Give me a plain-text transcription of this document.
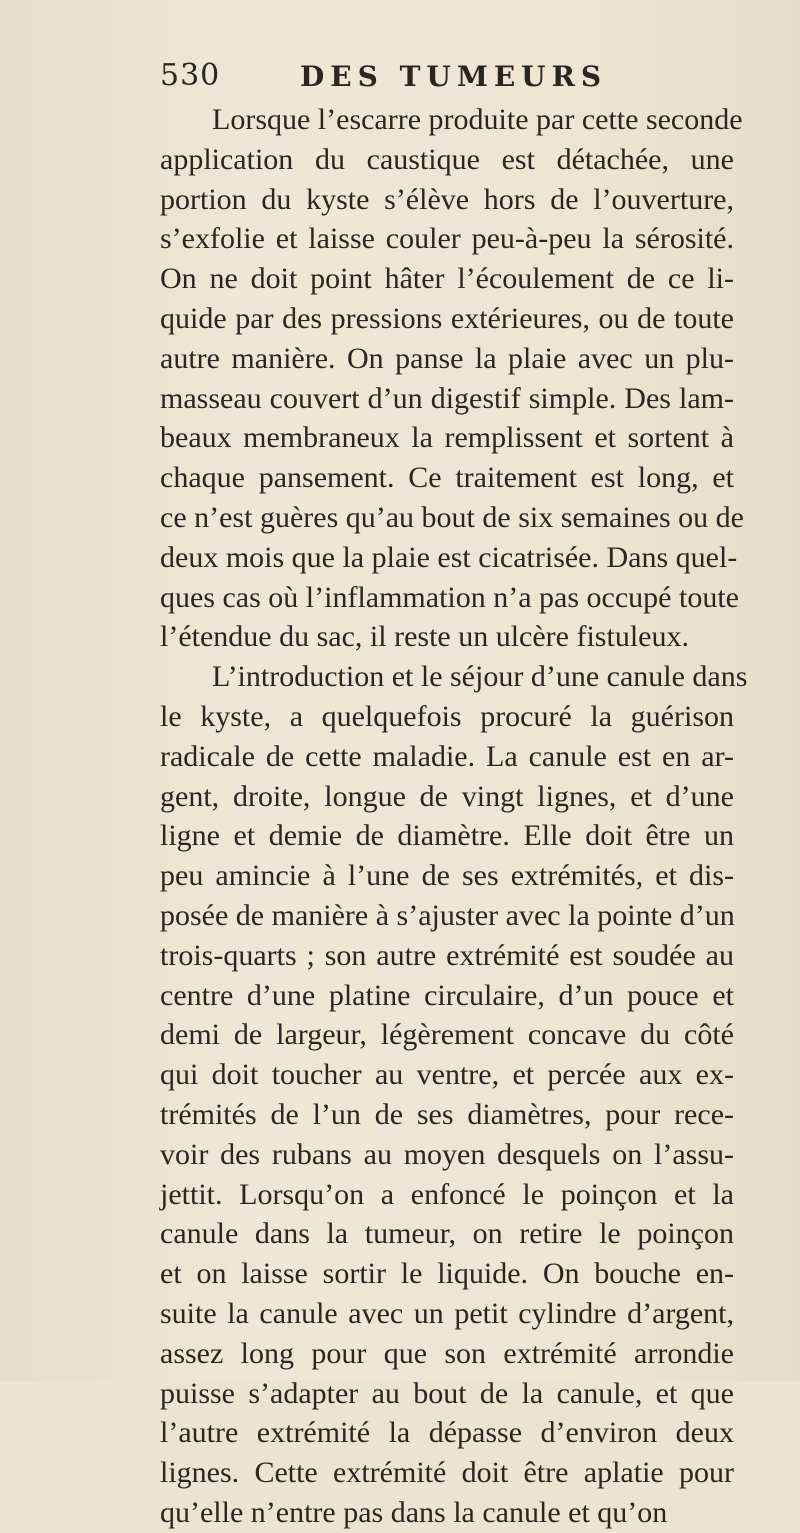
530	DES TUMEURS
Lorsque l’escarre produite par cette seconde
application du caustique est détachée, une
portion du kyste s’élève hors de l’ouverture,
s’exfolie et laisse couler peu-à-peu la sérosité.
On ne doit point hâter l’écoulement de ce li-
quide par des pressions extérieures, ou de toute
autre manière. On panse la plaie avec un plu-
masseau couvert d’un digestif simple. Des lam-
beaux membraneux la remplissent et sortent à
chaque pansement. Ce traitement est long, et
ce n’est guères qu’au bout de six semaines ou de
deux mois que la plaie est cicatrisée. Dans quel-
ques cas où l’inflammation n’a pas occupé toute
l’étendue du sac, il reste un ulcère fistuleux.
L’introduction et le séjour d’une canule dans
le kyste, a quelquefois procuré la guérison
radicale de cette maladie. La canule est en ar-
gent, droite, longue de vingt lignes, et d’une
ligne et demie de diamètre. Elle doit être un
peu amincie à l’une de ses extrémités, et dis-
posée de manière à s’ajuster avec la pointe d’un
trois-quarts ; son autre extrémité est soudée au
centre d’une platine circulaire, d’un pouce et
demi de largeur, légèrement concave du côté
qui doit toucher au ventre, et percée aux ex-
trémités de l’un de ses diamètres, pour rece-
voir des rubans au moyen desquels on l’assu-
jettit. Lorsqu’on a enfoncé le poinçon et la
canule dans la tumeur, on retire le poinçon
et on laisse sortir le liquide. On bouche en-
suite la canule avec un petit cylindre d’argent,
assez long pour que son extrémité arrondie
puisse s’adapter au bout de la canule, et que
l’autre extrémité la dépasse d’environ deux
lignes. Cette extrémité doit être aplatie pour
qu’elle n’entre pas dans la canule et qu’on
